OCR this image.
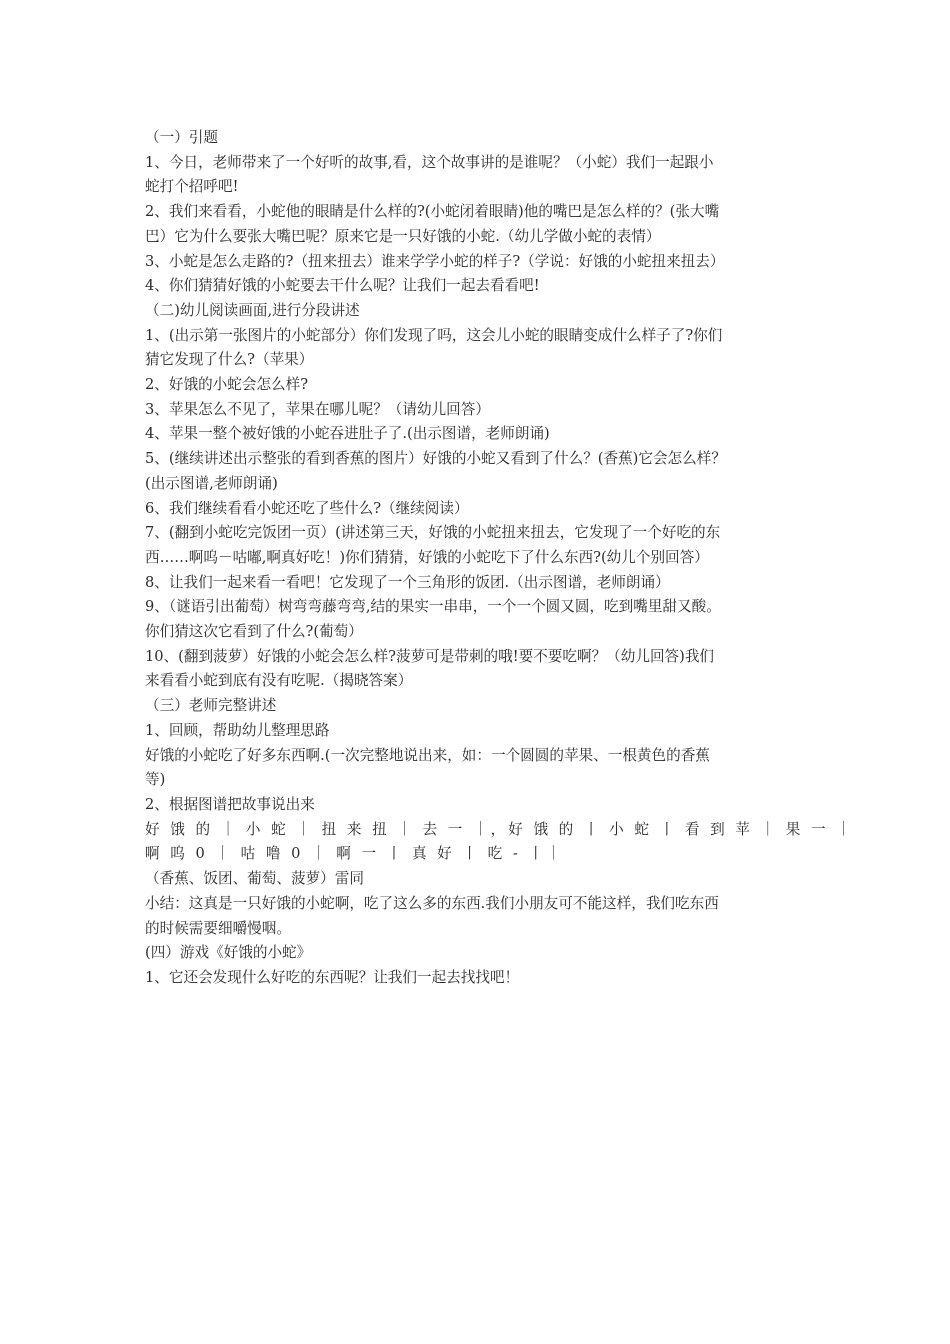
（一）引题

1、今日，老师带来了一个好听的故事,看，这个故事讲的是谁呢？（小蛇）我们一起跟小

蛇打个招呼吧!

2、我们来看看，小蛇他的眼睛是什么样的?(小蛇闭着眼睛)他的嘴巴是怎么样的？(张大嘴

巴）它为什么要张大嘴巴呢？原来它是一只好饿的小蛇.（幼儿学做小蛇的表情）

3、小蛇是怎么走路的?（扭来扭去）谁来学学小蛇的样子?（学说：好饿的小蛇扭来扭去）

4、你们猜猜好饿的小蛇要去干什么呢？让我们一起去看看吧!

（二)幼儿阅读画面,进行分段讲述

1、(出示第一张图片的小蛇部分）你们发现了吗，这会儿小蛇的眼睛变成什么样子了?你们

猜它发现了什么?（苹果）

2、好饿的小蛇会怎么样?

3、苹果怎么不见了，苹果在哪儿呢？（请幼儿回答）

4、苹果一整个被好饿的小蛇吞进肚子了.(出示图谱，老师朗诵)

5、(继续讲述出示整张的看到香蕉的图片）好饿的小蛇又看到了什么？(香蕉)它会怎么样？

(出示图谱,老师朗诵)

6、我们继续看看小蛇还吃了些什么?（继续阅读）

7、(翻到小蛇吃完饭团一页）(讲述第三天，好饿的小蛇扭来扭去，它发现了一个好吃的东

西……啊呜－咕嘟,啊真好吃！)你们猜猜，好饿的小蛇吃下了什么东西?(幼儿个别回答）

8、让我们一起来看一看吧！它发现了一个三角形的饭团.（出示图谱，老师朗诵）

9、（谜语引出葡萄）树弯弯藤弯弯,结的果实一串串，一个一个圆又圆，吃到嘴里甜又酸。

你们猜这次它看到了什么?(葡萄）

10、(翻到菠萝）好饿的小蛇会怎么样?菠萝可是带刺的哦!要不要吃啊？（幼儿回答)我们

来看看小蛇到底有没有吃呢.（揭晓答案）

（三）老师完整讲述

1、回顾，帮助幼儿整理思路

好饿的小蛇吃了好多东西啊.(一次完整地说出来，如：一个圆圆的苹果、一根黄色的香蕉

等)

2、根据图谱把故事说出来

好 饿 的 ｜ 小 蛇 ｜ 扭 来 扭 ｜ 去 一 ｜，好 饿 的 丨 小 蛇 丨 看 到 苹 ｜ 果 一 ｜

啊 呜 0 ｜ 咕 噜 0 ｜ 啊 一 丨 真 好 丨 吃 - 丨｜

（香蕉、饭团、葡萄、菠萝）雷同

小结：这真是一只好饿的小蛇啊，吃了这么多的东西.我们小朋友可不能这样，我们吃东西

的时候需要细嚼慢咽。

(四）游戏《好饿的小蛇》

1、它还会发现什么好吃的东西呢？让我们一起去找找吧！
